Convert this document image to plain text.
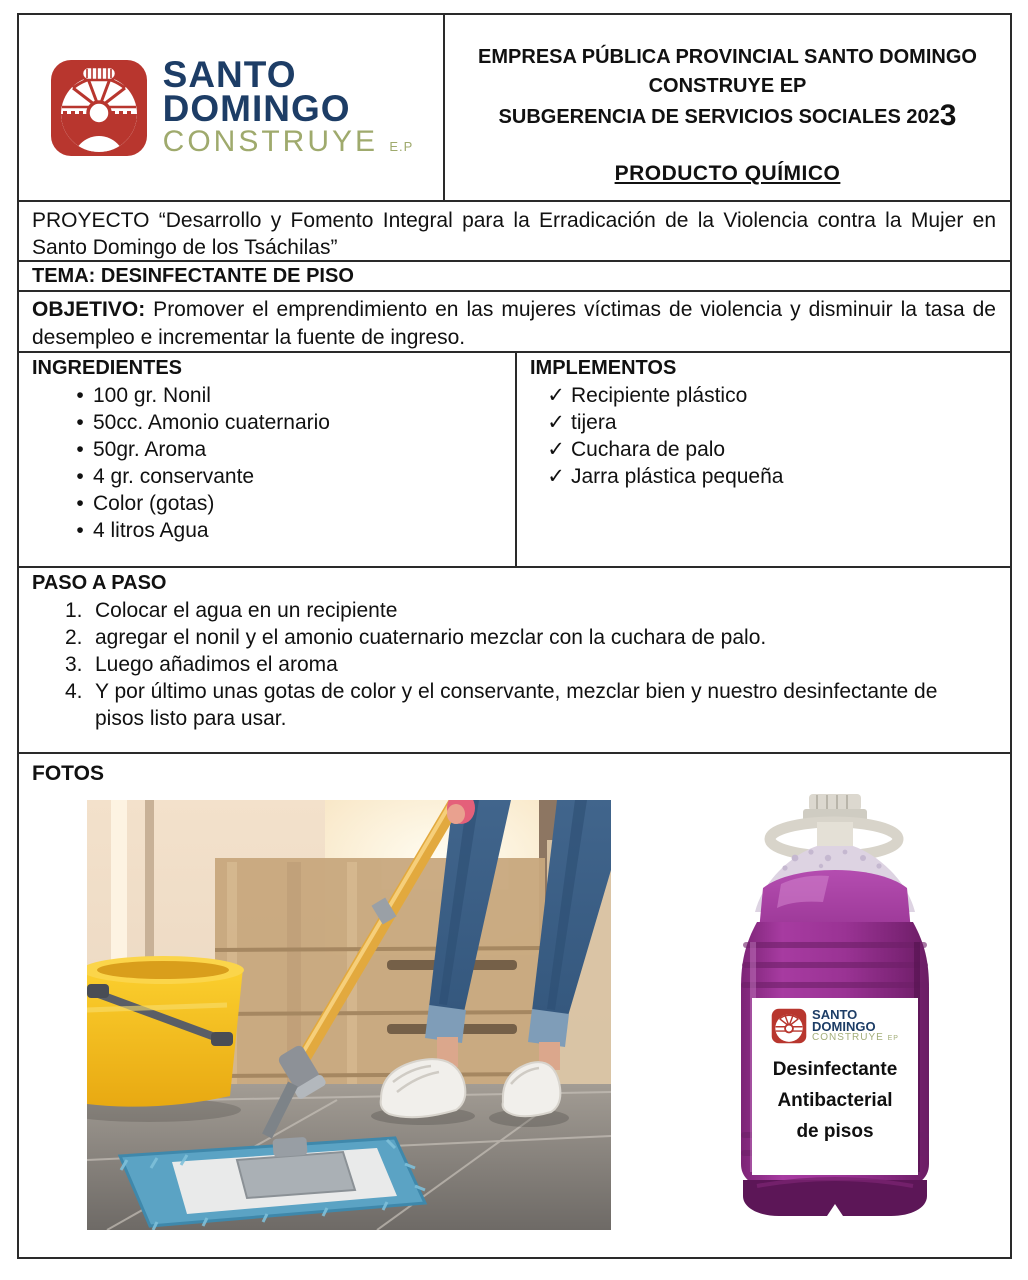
SANTO
DOMINGO
CONSTRUYE E.P
EMPRESA PÚBLICA PROVINCIAL SANTO DOMINGO
CONSTRUYE EP
SUBGERENCIA DE SERVICIOS SOCIALES 2023
PRODUCTO QUÍMICO
PROYECTO “Desarrollo y Fomento Integral para la Erradicación de la Violencia contra la Mujer en Santo Domingo de los Tsáchilas”
TEMA: DESINFECTANTE DE PISO
OBJETIVO: Promover el emprendimiento en las mujeres víctimas de violencia y disminuir la tasa de desempleo e incrementar la fuente de ingreso.
INGREDIENTES
• 100 gr. Nonil
• 50cc. Amonio cuaternario
• 50gr. Aroma
• 4 gr. conservante
• Color (gotas)
• 4 litros Agua
IMPLEMENTOS
✓ Recipiente plástico
✓ tijera
✓ Cuchara de palo
✓ Jarra plástica pequeña
PASO A PASO
1. Colocar el agua en un recipiente
2. agregar el nonil y el amonio cuaternario mezclar con la cuchara de palo.
3. Luego añadimos el aroma
4. Y por último unas gotas de color y el conservante, mezclar bien y nuestro desinfectante de pisos listo para usar.
FOTOS
SANTO
DOMINGO
CONSTRUYE EP
Desinfectante
Antibacterial
de pisos
